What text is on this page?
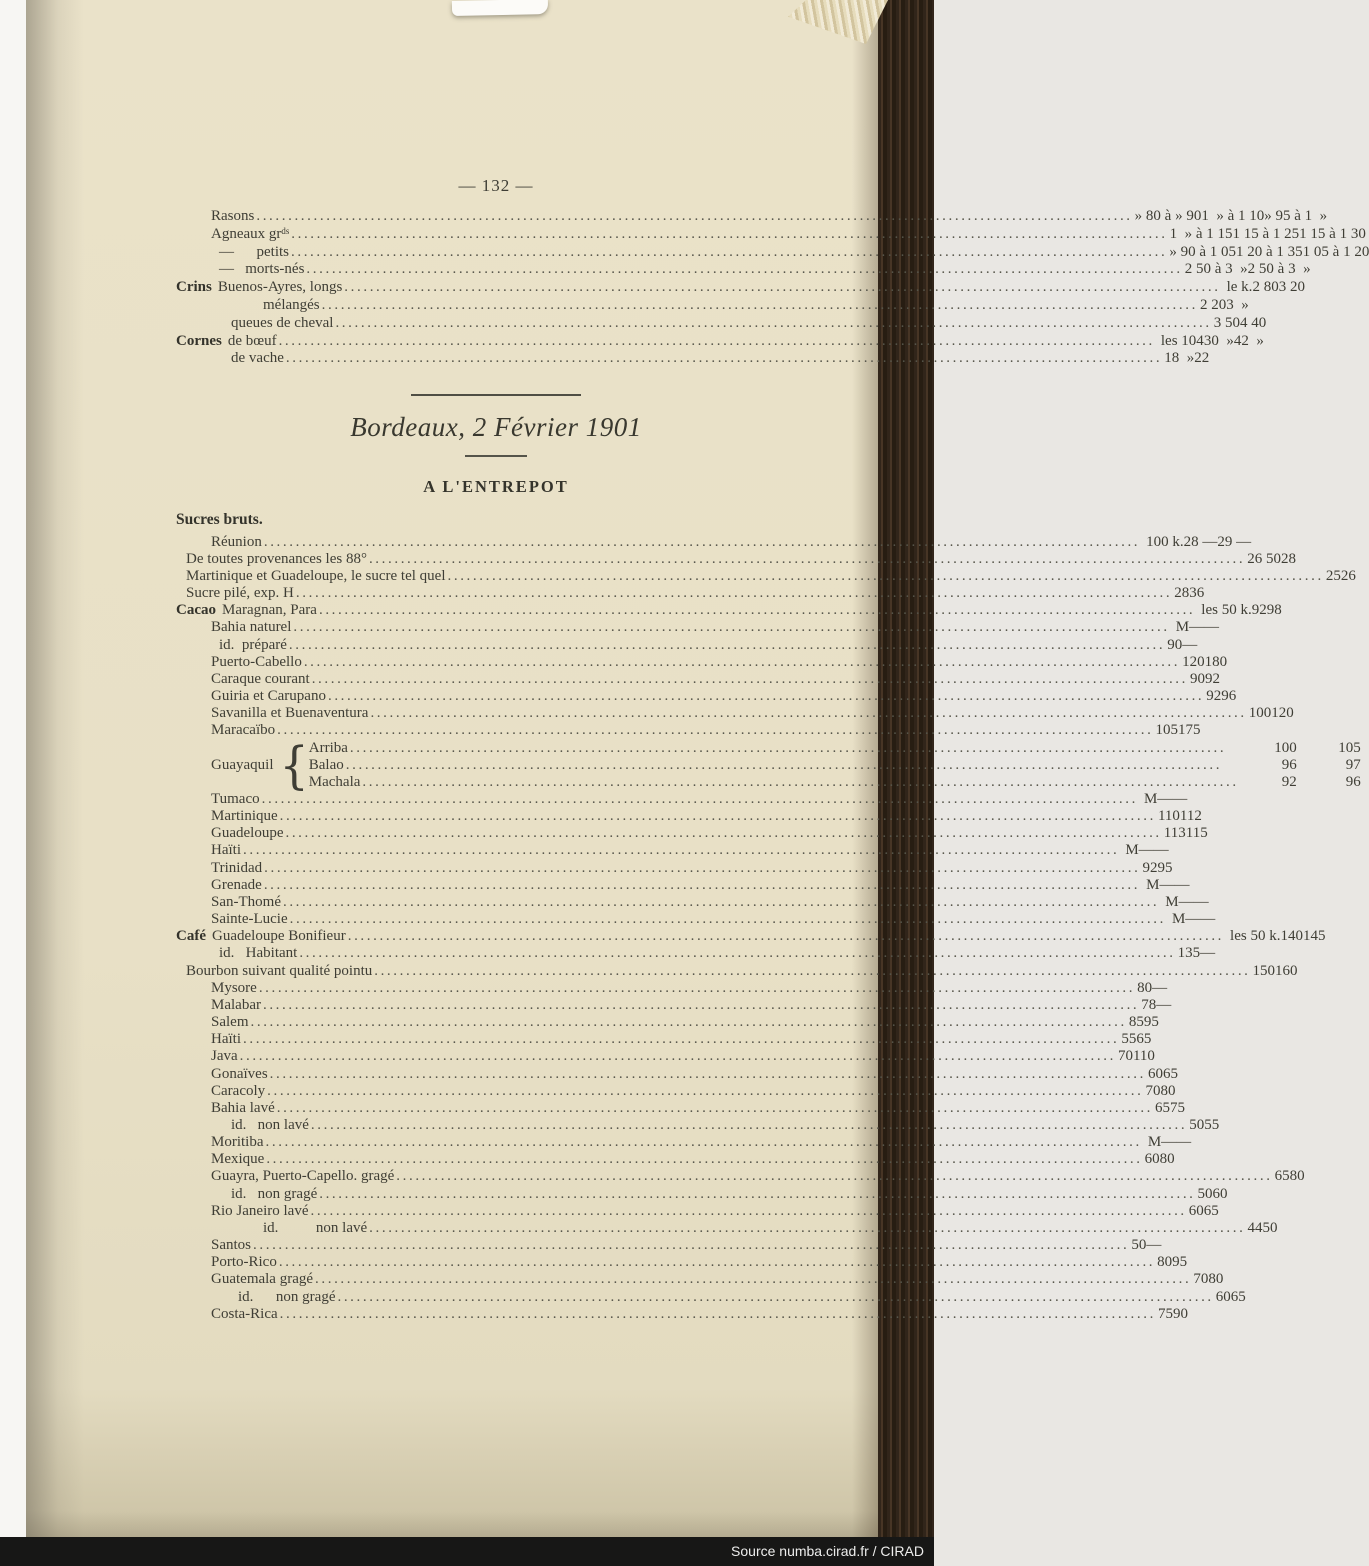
— 132 —
Rasons .....	» 80 à » 90 1  » à 1 10 » 95 à 1  »
Agneaux grᵈˢ .....	1  » à 1 15 1 15 à 1 25 1 15 à 1 30
—      petits .....	» 90 à 1 05 1 20 à 1 35 1 05 à 1 20
—   morts-nés .....	2 50 à 3  » 2 50 à 3  »
Crins Buenos-Ayres, longs .....	le k. 2 80 3 20
mélangés .....	2 20 3  »
queues de cheval .....	3 50 4 40
Cornes de bœuf .....	les 104 30  » 42  »
de vache .....	18  » 22
Bordeaux, 2 Février 1901
A L'ENTREPOT
Sucres bruts.
Réunion .....	100 k. 28 — 29 —
De toutes provenances les 88° .....	26 50 28
Martinique et Guadeloupe, le sucre tel quel .....	25 26
Sucre pilé, exp. H .....	28 36
Cacao Maragnan, Para .....	les 50 k. 92 98
Bahia naturel .....	M — —
id.  préparé .....	90 —
Puerto-Cabello .....	120 180
Caraque courant .....	90 92
Guiria et Carupano .....	92 96
Savanilla et Buenaventura .....	100 120
Maracaïbo .....	105 175
Guayaquil { Arriba .....	100	105
Balao .....	96	97
Machala .....	92	96
Tumaco .....	M — —
Martinique .....	110 112
Guadeloupe .....	113 115
Haïti .....	M — —
Trinidad .....	92 95
Grenade .....	M — —
San-Thomé .....	M — —
Sainte-Lucie .....	M — —
Café Guadeloupe Bonifieur .....	les 50 k. 140 145
id.   Habitant .....	135 —
Bourbon suivant qualité pointu .....	150 160
Mysore .....	80 —
Malabar .....	78 —
Salem .....	85 95
Haïti .....	55 65
Java .....	70 110
Gonaïves .....	60 65
Caracoly .....	70 80
Bahia lavé .....	65 75
id.   non lavé .....	50 55
Moritiba .....	M — —
Mexique .....	60 80
Guayra, Puerto-Capello. gragé .....	65 80
id.   non gragé .....	50 60
Rio Janeiro lavé .....	60 65
id.          non lavé .....	44 50
Santos .....	50 —
Porto-Rico .....	80 95
Guatemala gragé .....	70 80
id.      non gragé .....	60 65
Costa-Rica .....	75 90
Source numba.cirad.fr / CIRAD
